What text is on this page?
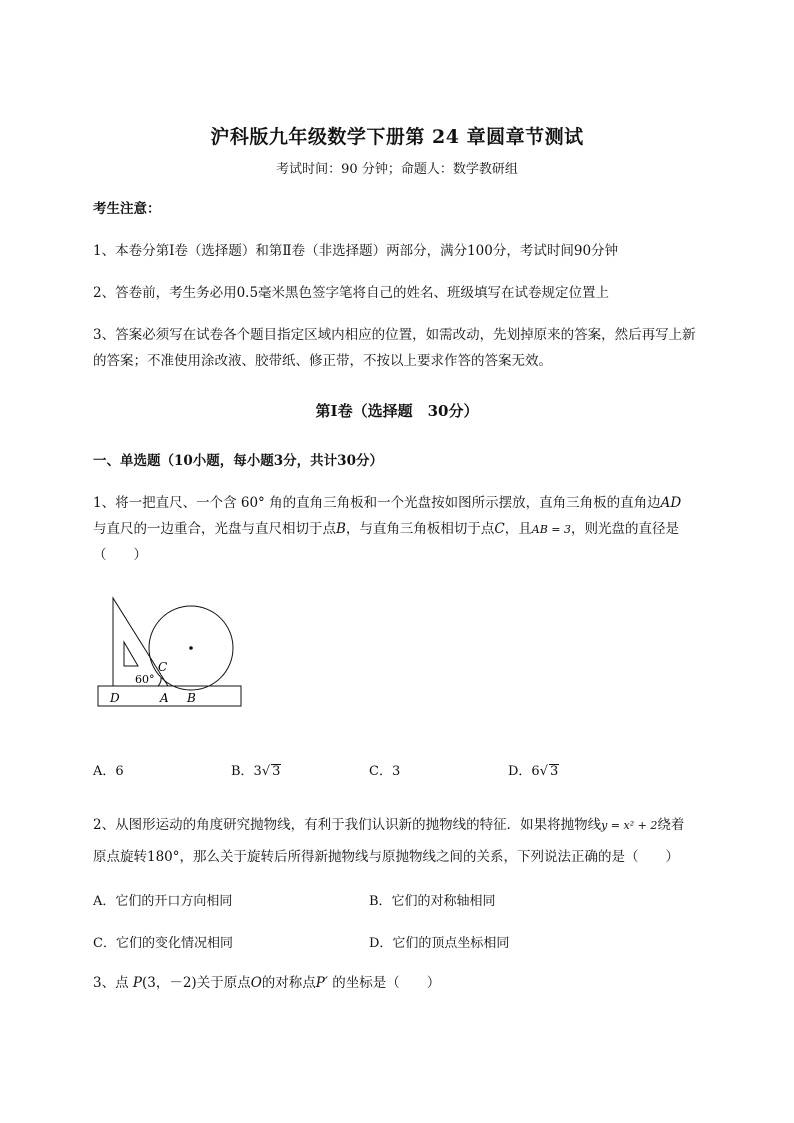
沪科版九年级数学下册第 24 章圆章节测试
考试时间：90 分钟；命题人：数学教研组
考生注意：
1、本卷分第Ⅰ卷（选择题）和第Ⅱ卷（非选择题）两部分，满分100分，考试时间90分钟
2、答卷前，考生务必用0.5毫米黑色签字笔将自己的姓名、班级填写在试卷规定位置上
3、答案必须写在试卷各个题目指定区域内相应的位置，如需改动，先划掉原来的答案，然后再写上新
的答案；不准使用涂改液、胶带纸、修正带，不按以上要求作答的答案无效。
第Ⅰ卷（选择题　30分）
一、单选题（10小题，每小题3分，共计30分）
1、将一把直尺、一个含 60° 角的直角三角板和一个光盘按如图所示摆放，直角三角板的直角边AD
与直尺的一边重合，光盘与直尺相切于点B，与直角三角板相切于点C，且AB = 3，则光盘的直径是
（　　）
C
60°
D	A B
A．6	B．3√ 3	C．3	D．6√ 3
2、从图形运动的角度研究抛物线，有利于我们认识新的抛物线的特征．如果将抛物线y = x² + 2绕着
原点旋转180°，那么关于旋转后所得新抛物线与原抛物线之间的关系，下列说法正确的是（　　）
A．它们的开口方向相同	B．它们的对称轴相同
C．它们的变化情况相同	D．它们的顶点坐标相同
3、点 P(3，－2)关于原点O的对称点P′ 的坐标是（　　）
